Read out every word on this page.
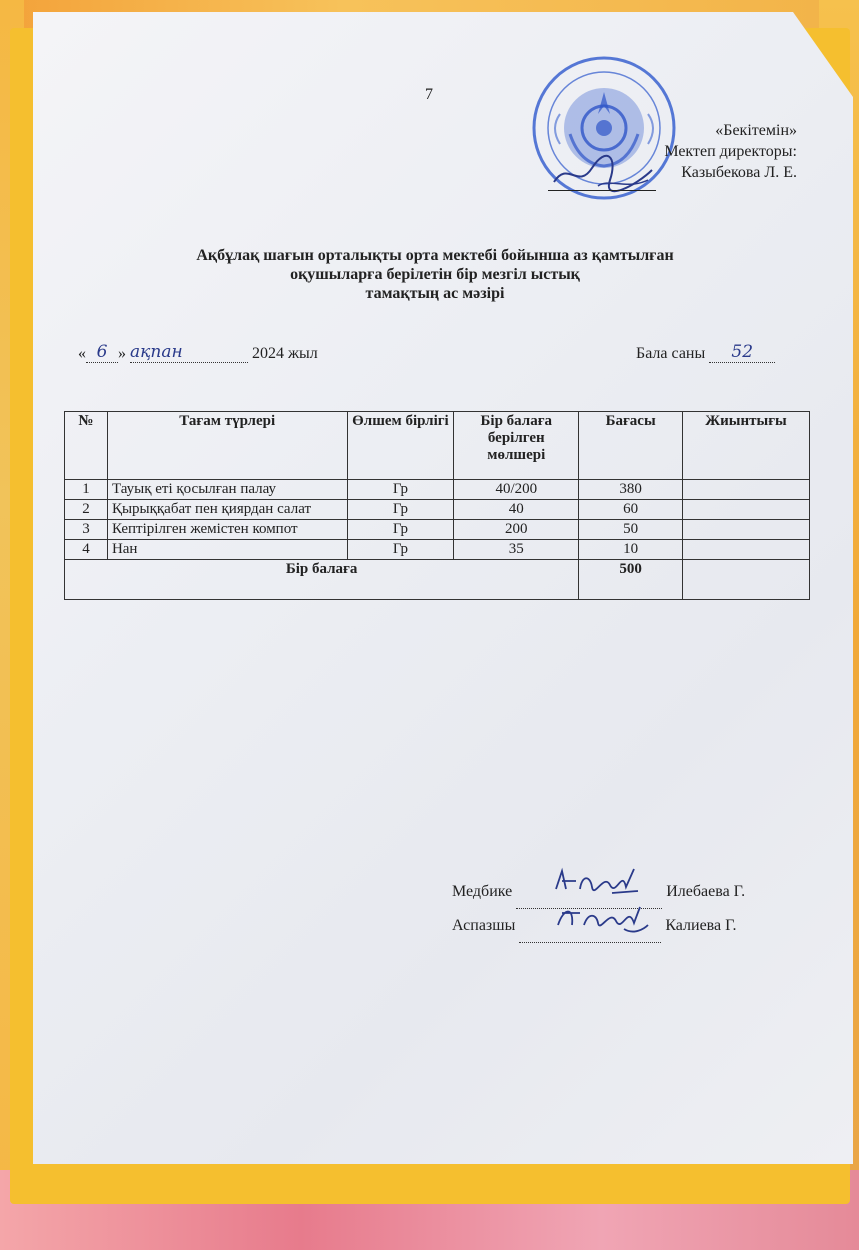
7
«Бекітемін»
Мектеп директоры:
Казыбекова Л. Е.
Ақбұлақ шағын орталықты орта мектебі бойынша аз қамтылған
оқушыларға берілетін бір мезгіл ыстық
тамақтың ас мәзірі
« 6 » ақпан	2024 жыл	Бала саны 52
№	Тағам түрлері	Өлшем бірлігі	Бір балаға берілген мөлшері	Бағасы	Жиынтығы
1	Тауық еті қосылған палау	Гр	40/200	380	
2	Қырыққабат пен қиярдан салат	Гр	40	60	
3	Кептірілген жемістен компот	Гр	200	50	
4	Нан	Гр	35	10	
Бір балаға				500	
Медбике	Илебаева Г.
Аспазшы	Калиева Г.
